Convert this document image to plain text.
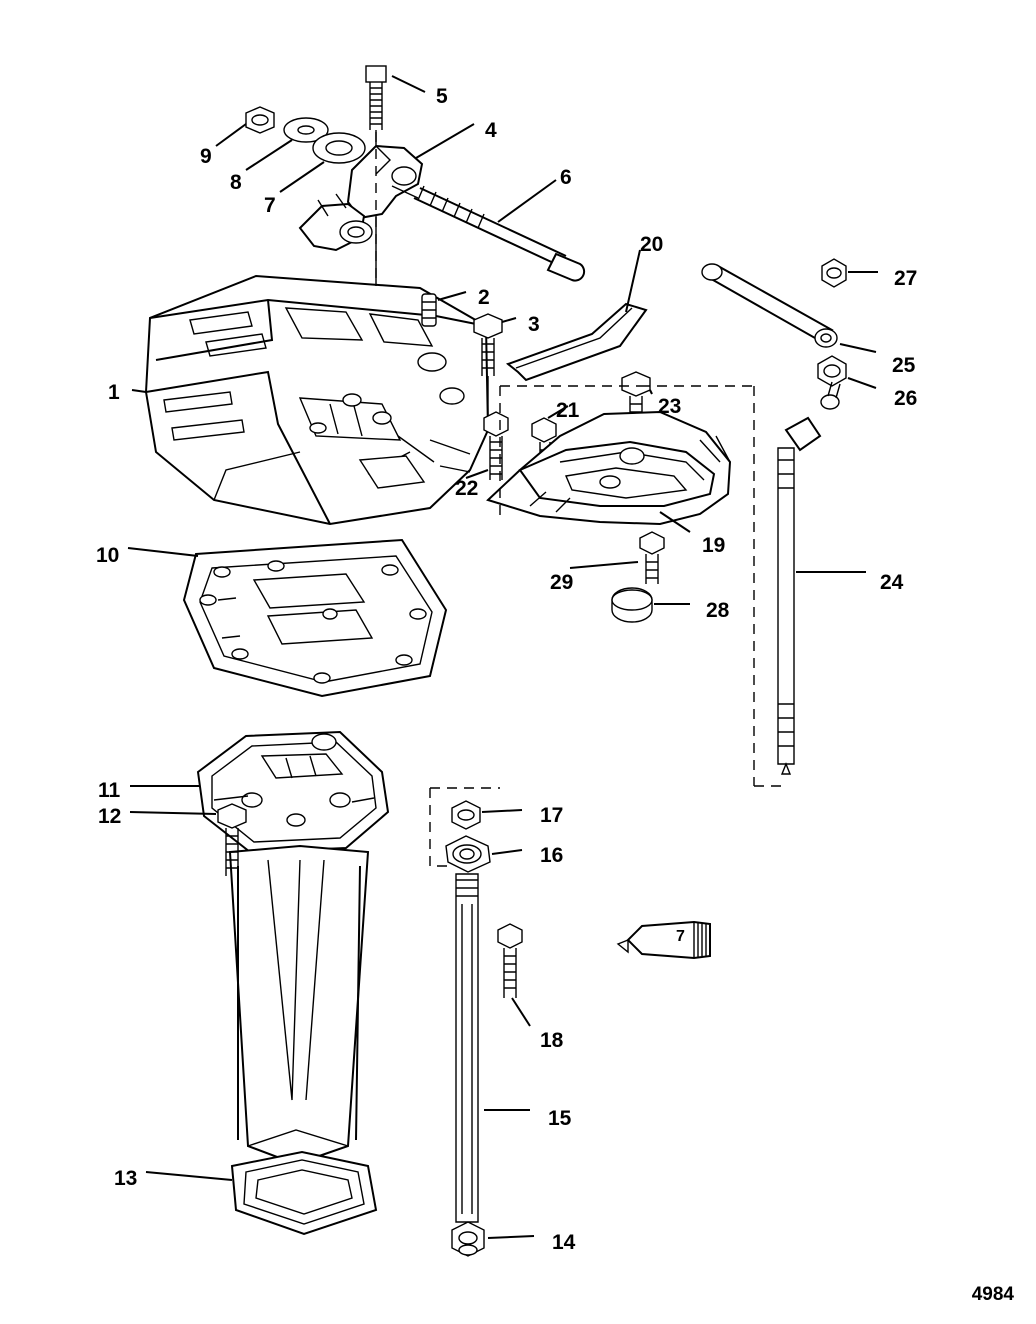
1
2
3
4
5
6
7
8
9
10
11
12
13
14
15
16
17
18
19
20
21
22
23
24
25
26
27
28
29
7
4984
